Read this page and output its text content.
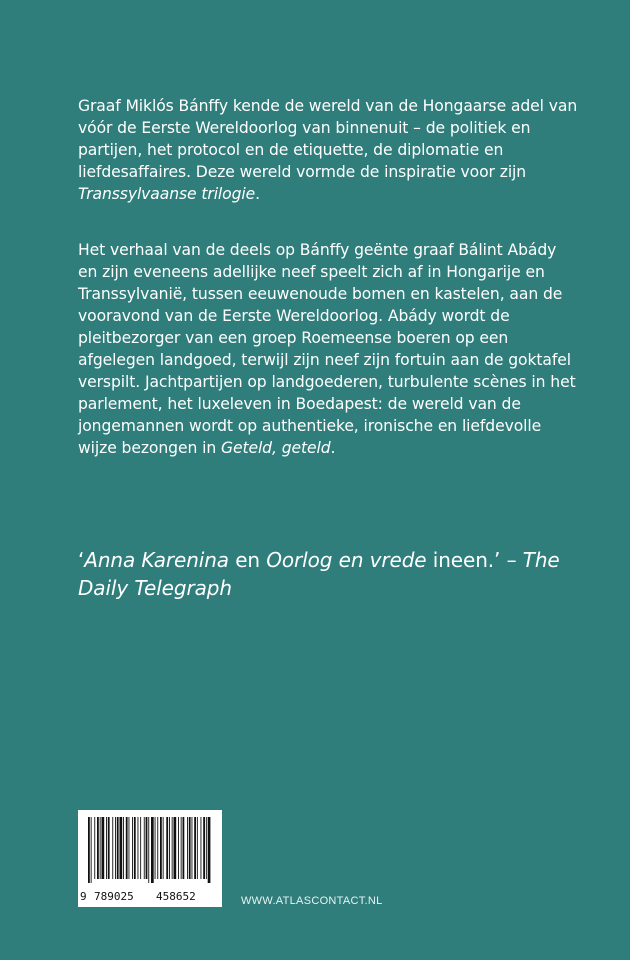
Graaf Miklós Bánffy kende de wereld van de Hongaarse adel van vóór de Eerste Wereldoorlog van binnenuit – de politiek en partijen, het protocol en de etiquette, de diplomatie en liefdesaffaires. Deze wereld vormde de inspiratie voor zijn Transsylvaanse trilogie.

Het verhaal van de deels op Bánffy geënte graaf Bálint Abády en zijn eveneens adellijke neef speelt zich af in Hongarije en Transsylvanië, tussen eeuwenoude bomen en kastelen, aan de vooravond van de Eerste Wereldoorlog. Abády wordt de pleitbezorger van een groep Roemeense boeren op een afgelegen landgoed, terwijl zijn neef zijn fortuin aan de goktafel verspilt. Jachtpartijen op landgoederen, turbulente scènes in het parlement, het luxeleven in Boedapest: de wereld van de jongemannen wordt op authentieke, ironische en liefdevolle wijze bezongen in Geteld, geteld.

‘Anna Karenina en Oorlog en vrede ineen.’ – The Daily Telegraph
9 789025 458652	WWW.ATLASCONTACT.NL
